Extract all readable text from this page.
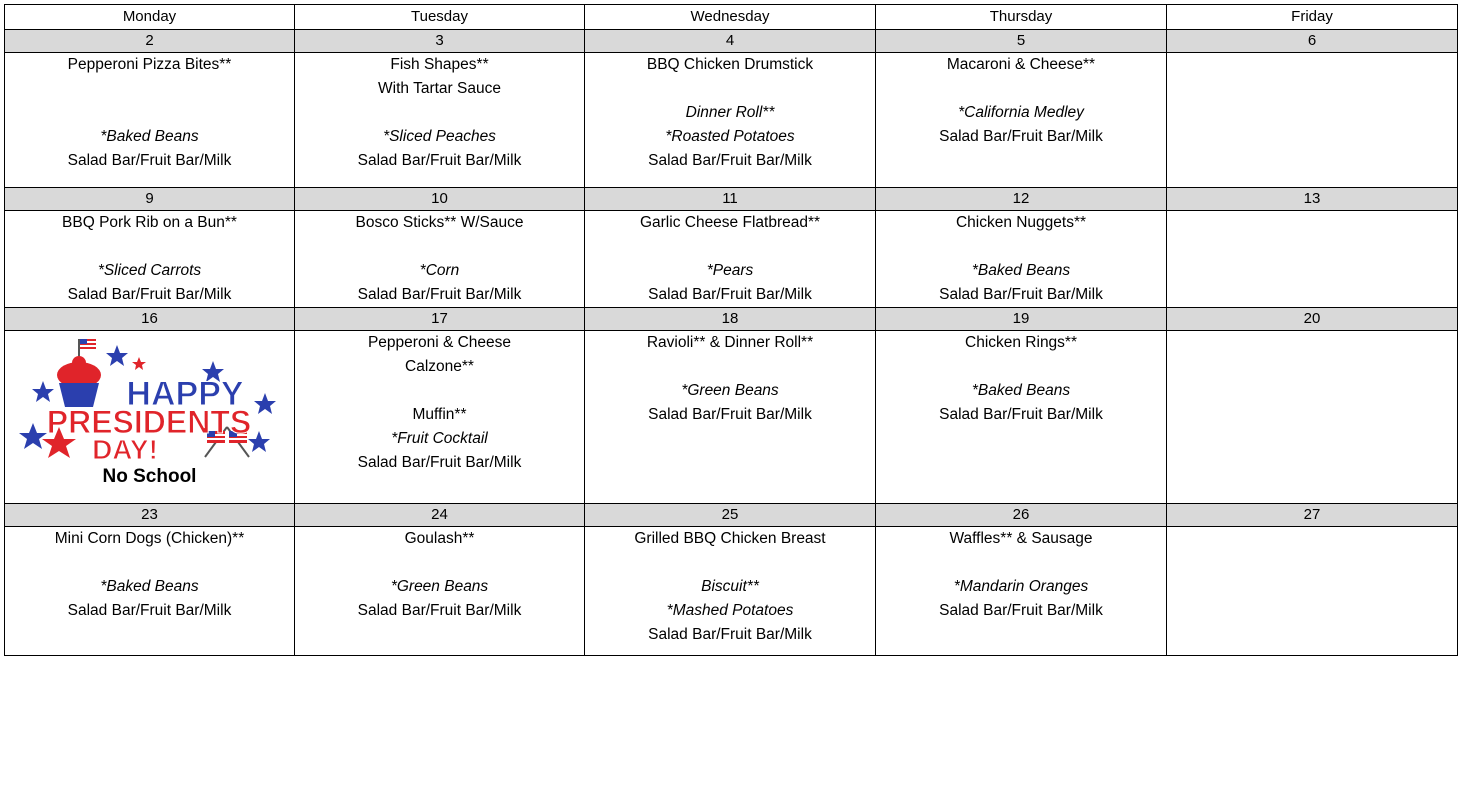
Monday	Tuesday	Wednesday	Thursday	Friday
2	3	4	5	6

Pepperoni Pizza Bites**
*Baked Beans
Salad Bar/Fruit Bar/Milk	Fish Shapes**
With Tartar Sauce
*Sliced Peaches
Salad Bar/Fruit Bar/Milk	BBQ Chicken Drumstick
Dinner Roll**
*Roasted Potatoes
Salad Bar/Fruit Bar/Milk	Macaroni & Cheese**
*California Medley
Salad Bar/Fruit Bar/Milk	

9	10	11	12	13

BBQ Pork Rib on a Bun**
*Sliced Carrots
Salad Bar/Fruit Bar/Milk	Bosco Sticks** W/Sauce
*Corn
Salad Bar/Fruit Bar/Milk	Garlic Cheese Flatbread**
*Pears
Salad Bar/Fruit Bar/Milk	Chicken Nuggets**
*Baked Beans
Salad Bar/Fruit Bar/Milk	

16	17	18	19	20

HAPPY
PRESIDENTS
DAY!
No School	Pepperoni & Cheese
Calzone**
Muffin**
*Fruit Cocktail
Salad Bar/Fruit Bar/Milk	Ravioli** & Dinner Roll**
*Green Beans
Salad Bar/Fruit Bar/Milk	Chicken Rings**
*Baked Beans
Salad Bar/Fruit Bar/Milk	

23	24	25	26	27

Mini Corn Dogs (Chicken)**
*Baked Beans
Salad Bar/Fruit Bar/Milk	Goulash**
*Green Beans
Salad Bar/Fruit Bar/Milk	Grilled BBQ Chicken Breast
Biscuit**
*Mashed Potatoes
Salad Bar/Fruit Bar/Milk	Waffles** & Sausage
*Mandarin Oranges
Salad Bar/Fruit Bar/Milk	
